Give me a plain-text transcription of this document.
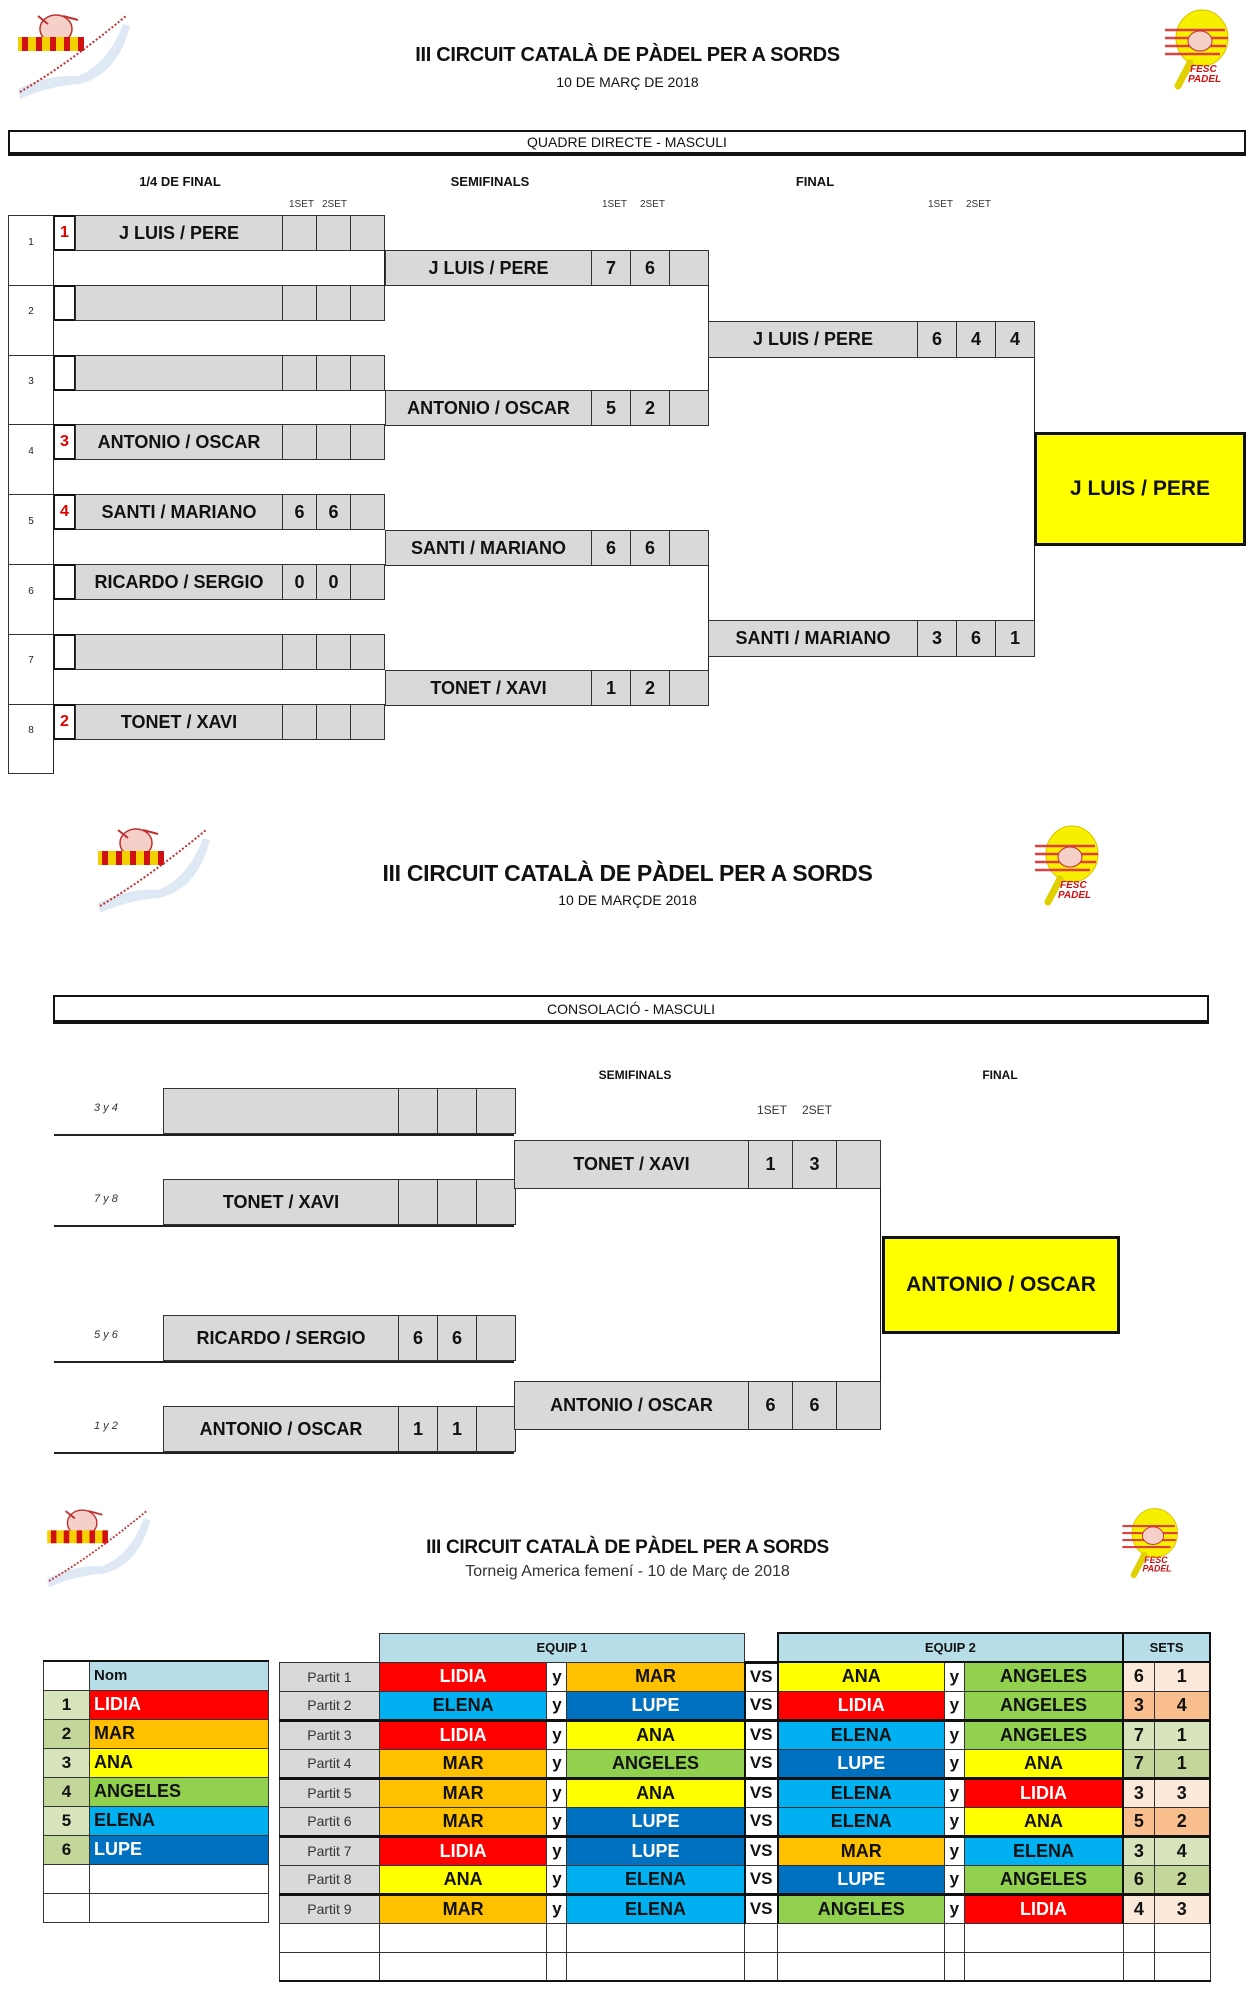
III CIRCUIT CATALÀ DE PÀDEL PER A SORDS
10 DE MARÇ DE 2018
QUADRE DIRECTE - MASCULI
1/4 DE FINAL	SEMIFINALS	FINAL
1SET 2SET	1SET 2SET	1SET 2SET
1
2
3
4
5
6
7
8
1	J LUIS / PERE
3	ANTONIO / OSCAR
4	SANTI / MARIANO	6	6
RICARDO / SERGIO	0	0
2	TONET / XAVI
J LUIS / PERE	7	6
ANTONIO / OSCAR	5	2
SANTI / MARIANO	6	6
TONET / XAVI	1	2
J LUIS / PERE	6	4	4
SANTI / MARIANO	3	6	1
J LUIS / PERE
III CIRCUIT CATALÀ DE PÀDEL PER A SORDS
10 DE MARÇDE 2018
CONSOLACIÓ - MASCULI
SEMIFINALS	FINAL
1SET 2SET
3 y 4
7 y 8	TONET / XAVI
5 y 6	RICARDO / SERGIO	6	6
1 y 2	ANTONIO / OSCAR	1	1
TONET / XAVI	1	3
ANTONIO / OSCAR	6	6
ANTONIO / OSCAR
III CIRCUIT CATALÀ DE PÀDEL PER A SORDS
Torneig America femení - 10 de Març de 2018
	Nom
1	LIDIA
2	MAR
3	ANA
4	ANGELES
5	ELENA
6	LUPE

	EQUIP 1				EQUIP 2			SETS	
Partit 1	LIDIA	y	MAR	VS	ANA	y	ANGELES	6	1
Partit 2	ELENA	y	LUPE	VS	LIDIA	y	ANGELES	3	4
Partit 3	LIDIA	y	ANA	VS	ELENA	y	ANGELES	7	1
Partit 4	MAR	y	ANGELES	VS	LUPE	y	ANA	7	1
Partit 5	MAR	y	ANA	VS	ELENA	y	LIDIA	3	3
Partit 6	MAR	y	LUPE	VS	ELENA	y	ANA	5	2
Partit 7	LIDIA	y	LUPE	VS	MAR	y	ELENA	3	4
Partit 8	ANA	y	ELENA	VS	LUPE	y	ANGELES	6	2
Partit 9	MAR	y	ELENA	VS	ANGELES	y	LIDIA	4	3
